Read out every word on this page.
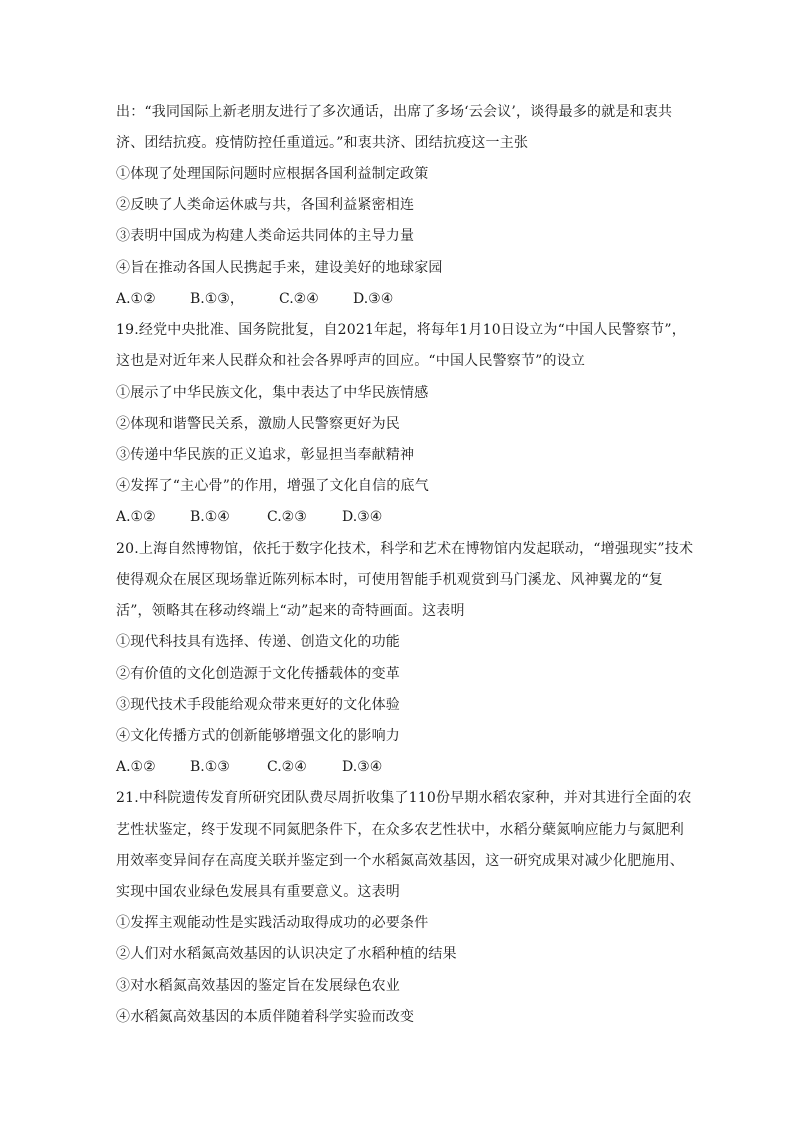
出：“我同国际上新老朋友进行了多次通话，出席了多场‘云会议’，谈得最多的就是和衷共
济、团结抗疫。疫情防控任重道远。”和衷共济、团结抗疫这一主张
①体现了处理国际问题时应根据各国利益制定政策
②反映了人类命运休戚与共，各国利益紧密相连
③表明中国成为构建人类命运共同体的主导力量
④旨在推动各国人民携起手来，建设美好的地球家园
A.①② B.①③，	C.②④ D.③④
19.经党中央批准、国务院批复，自2021年起，将每年1月10日设立为“中国人民警察节”，
这也是对近年来人民群众和社会各界呼声的回应。“中国人民警察节”的设立
①展示了中华民族文化，集中表达了中华民族情感
②体现和谐警民关系，激励人民警察更好为民
③传递中华民族的正义追求，彰显担当奉献精神
④发挥了“主心骨”的作用，增强了文化自信的底气
A.①② B.①④	C.②③	D.③④
20.上海自然博物馆，依托于数字化技术，科学和艺术在博物馆内发起联动，“增强现实”技术
使得观众在展区现场靠近陈列标本时，可使用智能手机观赏到马门溪龙、风神翼龙的“复
活”，领略其在移动终端上“动”起来的奇特画面。这表明
①现代科技具有选择、传递、创造文化的功能
②有价值的文化创造源于文化传播载体的变革
③现代技术手段能给观众带来更好的文化体验
④文化传播方式的创新能够增强文化的影响力
A.①② B.①③	C.②④	D.③④
21.中科院遗传发育所研究团队费尽周折收集了110份早期水稻农家种，并对其进行全面的农
艺性状鉴定，终于发现不同氮肥条件下，在众多农艺性状中，水稻分蘖氮响应能力与氮肥利
用效率变异间存在高度关联并鉴定到一个水稻氮高效基因，这一研究成果对减少化肥施用、
实现中国农业绿色发展具有重要意义。这表明
①发挥主观能动性是实践活动取得成功的必要条件
②人们对水稻氮高效基因的认识决定了水稻种植的结果
③对水稻氮高效基因的鉴定旨在发展绿色农业
④水稻氮高效基因的本质伴随着科学实验而改变
